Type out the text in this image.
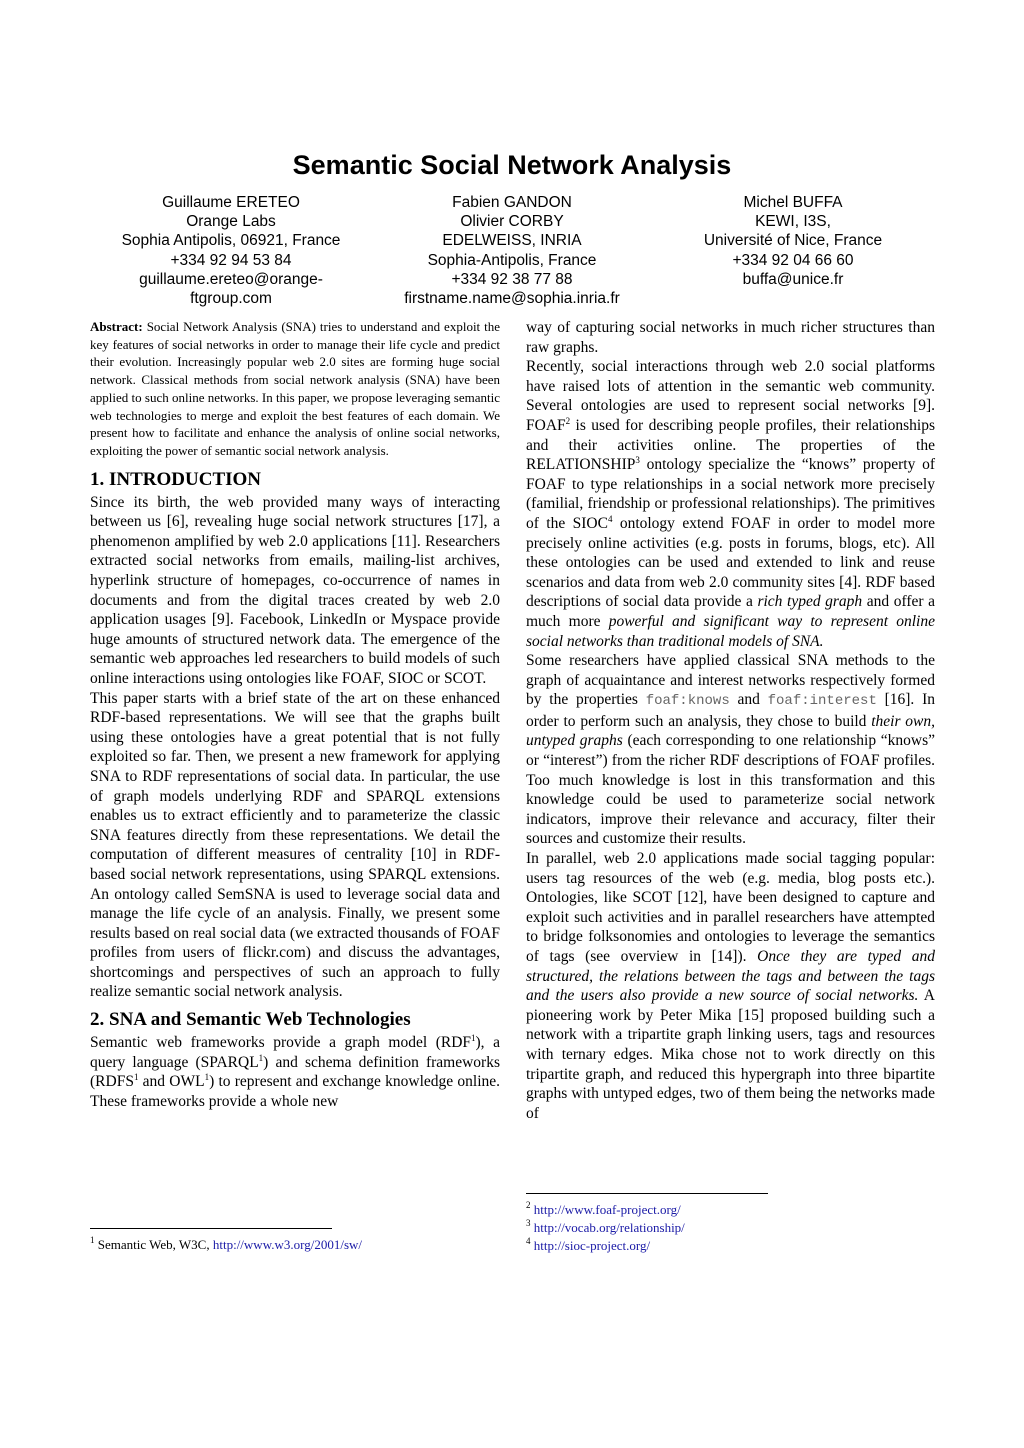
Semantic Social Network Analysis
Guillaume ERETEO
Orange Labs
Sophia Antipolis, 06921, France
+334 92 94 53 84
guillaume.ereteo@orange-
ftgroup.com
Fabien GANDON
Olivier CORBY
EDELWEISS, INRIA
Sophia-Antipolis, France
+334 92 38 77 88
firstname.name@sophia.inria.fr
Michel BUFFA
KEWI, I3S,
Université of Nice, France
+334 92 04 66 60
buffa@unice.fr

Abstract: Social Network Analysis (SNA) tries to understand and exploit the key features of social networks in order to manage their life cycle and predict their evolution. Increasingly popular web 2.0 sites are forming huge social network. Classical methods from social network analysis (SNA) have been applied to such online networks. In this paper, we propose leveraging semantic web technologies to merge and exploit the best features of each domain. We present how to facilitate and enhance the analysis of online social networks, exploiting the power of semantic social network analysis.

1. INTRODUCTION

Since its birth, the web provided many ways of interacting between us [6], revealing huge social network structures [17], a phenomenon amplified by web 2.0 applications [11]. Researchers extracted social networks from emails, mailing-list archives, hyperlink structure of homepages, co-occurrence of names in documents and from the digital traces created by web 2.0 application usages [9]. Facebook, LinkedIn or Myspace provide huge amounts of structured network data. The emergence of the semantic web approaches led researchers to build models of such online interactions using ontologies like FOAF, SIOC or SCOT.

This paper starts with a brief state of the art on these enhanced RDF-based representations. We will see that the graphs built using these ontologies have a great potential that is not fully exploited so far. Then, we present a new framework for applying SNA to RDF representations of social data. In particular, the use of graph models underlying RDF and SPARQL extensions enables us to extract efficiently and to parameterize the classic SNA features directly from these representations. We detail the computation of different measures of centrality [10] in RDF-based social network representations, using SPARQL extensions. An ontology called SemSNA is used to leverage social data and manage the life cycle of an analysis. Finally, we present some results based on real social data (we extracted thousands of FOAF profiles from users of flickr.com) and discuss the advantages, shortcomings and perspectives of such an approach to fully realize semantic social network analysis.

2. SNA and Semantic Web Technologies

Semantic web frameworks provide a graph model (RDF$^1$), a query language (SPARQL$^1$) and schema definition frameworks (RDFS$^1$ and OWL$^1$) to represent and exchange knowledge online. These frameworks provide a whole new

way of capturing social networks in much richer structures than raw graphs.

Recently, social interactions through web 2.0 social platforms have raised lots of attention in the semantic web community. Several ontologies are used to represent social networks [9]. FOAF$^2$ is used for describing people profiles, their relationships and their activities online. The properties of the RELATIONSHIP$^3$ ontology specialize the “knows” property of FOAF to type relationships in a social network more precisely (familial, friendship or professional relationships). The primitives of the SIOC$^4$ ontology extend FOAF in order to model more precisely online activities (e.g. posts in forums, blogs, etc). All these ontologies can be used and extended to link and reuse scenarios and data from web 2.0 community sites [4]. RDF based descriptions of social data provide a rich typed graph and offer a much more powerful and significant way to represent online social networks than traditional models of SNA.

Some researchers have applied classical SNA methods to the graph of acquaintance and interest networks respectively formed by the properties foaf:knows and foaf:interest [16]. In order to perform such an analysis, they chose to build their own, untyped graphs (each corresponding to one relationship “knows” or “interest”) from the richer RDF descriptions of FOAF profiles. Too much knowledge is lost in this transformation and this knowledge could be used to parameterize social network indicators, improve their relevance and accuracy, filter their sources and customize their results.

In parallel, web 2.0 applications made social tagging popular: users tag resources of the web (e.g. media, blog posts etc.). Ontologies, like SCOT [12], have been designed to capture and exploit such activities and in parallel researchers have attempted to bridge folksonomies and ontologies to leverage the semantics of tags (see overview in [14]). Once they are typed and structured, the relations between the tags and between the tags and the users also provide a new source of social networks. A pioneering work by Peter Mika [15] proposed building such a network with a tripartite graph linking users, tags and resources with ternary edges. Mika chose not to work directly on this tripartite graph, and reduced this hypergraph into three bipartite graphs with untyped edges, two of them being the networks made of

$^1$ Semantic Web, W3C, http://www.w3.org/2001/sw/
$^2$ http://www.foaf-project.org/
$^3$ http://vocab.org/relationship/
$^4$ http://sioc-project.org/
